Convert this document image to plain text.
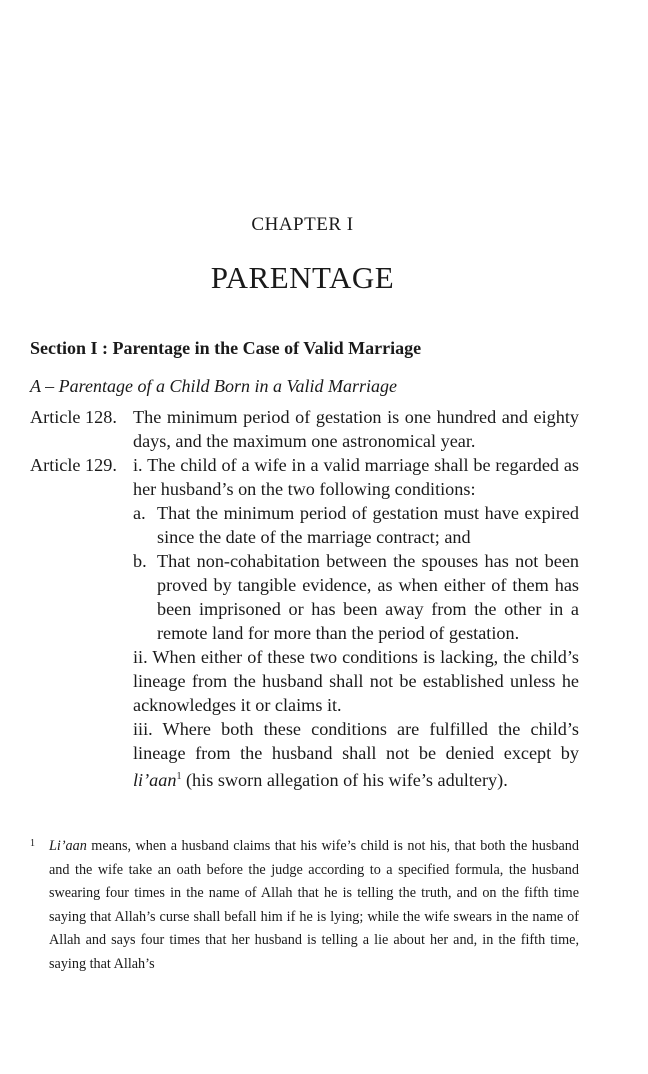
CHAPTER I
PARENTAGE
Section I : Parentage in the Case of Valid Marriage
A – Parentage of a Child Born in a Valid Marriage
Article 128. The minimum period of gestation is one hundred and eighty days, and the maximum one astronomical year.

Article 129. i. The child of a wife in a valid marriage shall be regarded as her husband’s on the two following conditions:

a. That the minimum period of gestation must have expired since the date of the marriage contract; and

b. That non-cohabitation between the spouses has not been proved by tangible evidence, as when either of them has been imprisoned or has been away from the other in a remote land for more than the period of gestation.

ii. When either of these two conditions is lacking, the child’s lineage from the husband shall not be established unless he acknowledges it or claims it.

iii. Where both these conditions are fulfilled the child’s lineage from the husband shall not be denied except by li’aan$^1$ (his sworn allegation of his wife’s adultery).

1 Li’aan means, when a husband claims that his wife’s child is not his, that both the husband and the wife take an oath before the judge according to a specified formula, the husband swearing four times in the name of Allah that he is telling the truth, and on the fifth time saying that Allah’s curse shall befall him if he is lying; while the wife swears in the name of Allah and says four times that her husband is telling a lie about her and, in the fifth time, saying that Allah’s
